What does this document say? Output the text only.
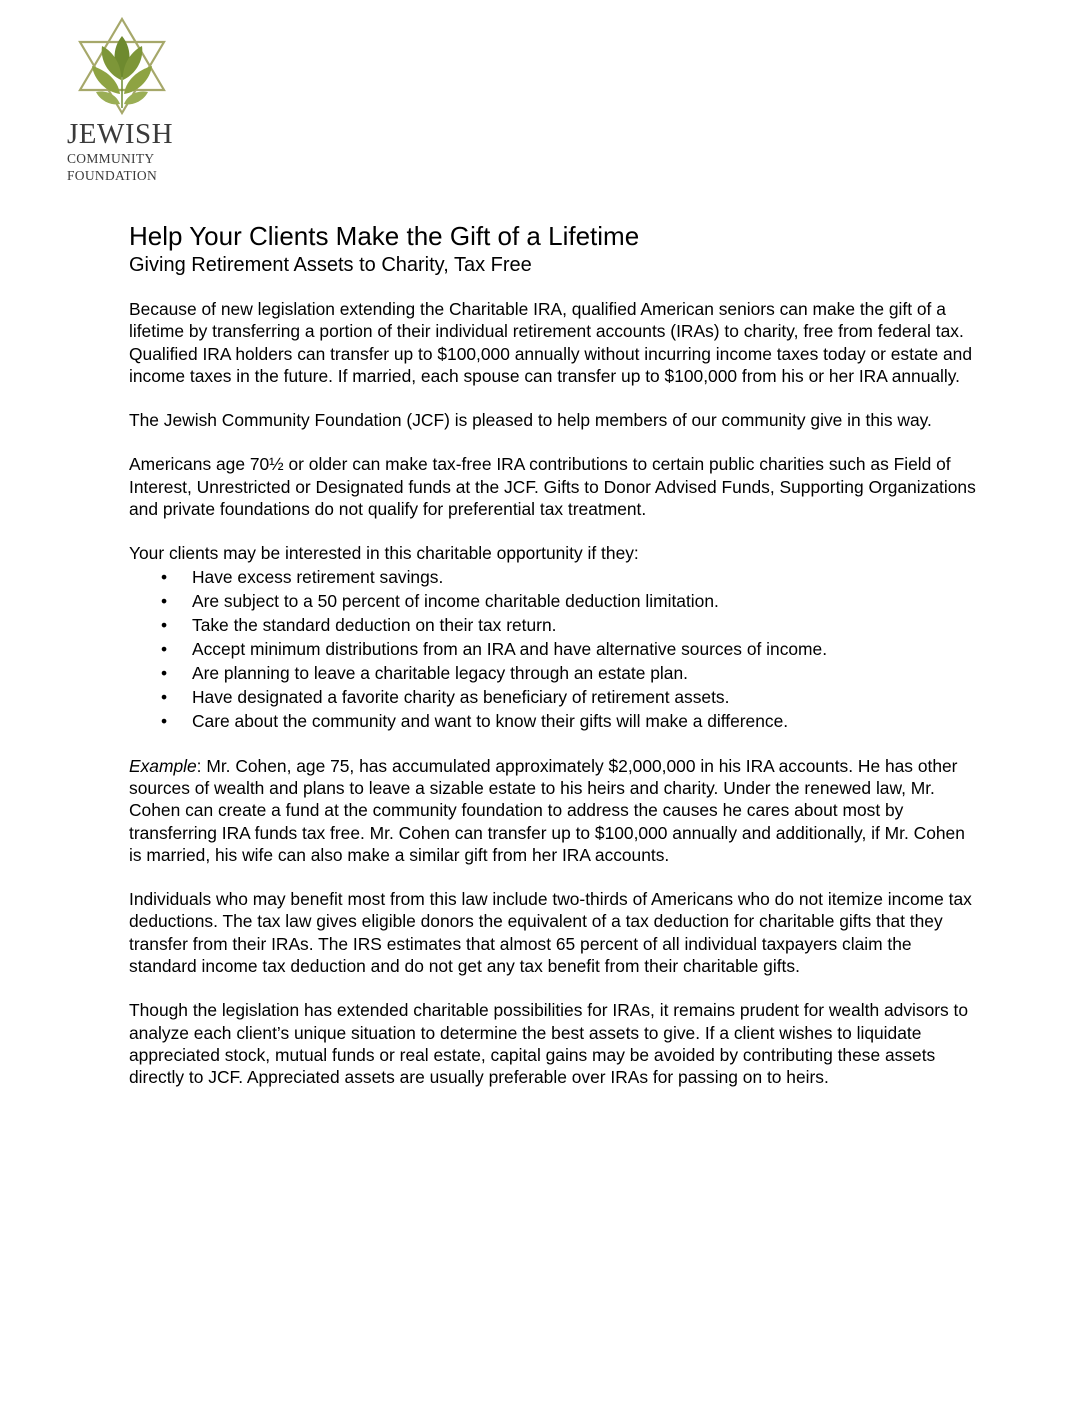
JEWISH
COMMUNITY
FOUNDATION
Help Your Clients Make the Gift of a Lifetime
Giving Retirement Assets to Charity, Tax Free

Because of new legislation extending the Charitable IRA, qualified American seniors can make the gift of a lifetime by transferring a portion of their individual retirement accounts (IRAs) to charity, free from federal tax. Qualified IRA holders can transfer up to $100,000 annually without incurring income taxes today or estate and income taxes in the future. If married, each spouse can transfer up to $100,000 from his or her IRA annually.

The Jewish Community Foundation (JCF) is pleased to help members of our community give in this way.

Americans age 70½ or older can make tax-free IRA contributions to certain public charities such as Field of Interest, Unrestricted or Designated funds at the JCF. Gifts to Donor Advised Funds, Supporting Organizations and private foundations do not qualify for preferential tax treatment.

Your clients may be interested in this charitable opportunity if they:

• Have excess retirement savings.
• Are subject to a 50 percent of income charitable deduction limitation.
• Take the standard deduction on their tax return.
• Accept minimum distributions from an IRA and have alternative sources of income.
• Are planning to leave a charitable legacy through an estate plan.
• Have designated a favorite charity as beneficiary of retirement assets.
• Care about the community and want to know their gifts will make a difference.

Example: Mr. Cohen, age 75, has accumulated approximately $2,000,000 in his IRA accounts. He has other sources of wealth and plans to leave a sizable estate to his heirs and charity. Under the renewed law, Mr. Cohen can create a fund at the community foundation to address the causes he cares about most by transferring IRA funds tax free. Mr. Cohen can transfer up to $100,000 annually and additionally, if Mr. Cohen is married, his wife can also make a similar gift from her IRA accounts.

Individuals who may benefit most from this law include two-thirds of Americans who do not itemize income tax deductions. The tax law gives eligible donors the equivalent of a tax deduction for charitable gifts that they transfer from their IRAs. The IRS estimates that almost 65 percent of all individual taxpayers claim the standard income tax deduction and do not get any tax benefit from their charitable gifts.

Though the legislation has extended charitable possibilities for IRAs, it remains prudent for wealth advisors to analyze each client’s unique situation to determine the best assets to give. If a client wishes to liquidate appreciated stock, mutual funds or real estate, capital gains may be avoided by contributing these assets directly to JCF. Appreciated assets are usually preferable over IRAs for passing on to heirs.
